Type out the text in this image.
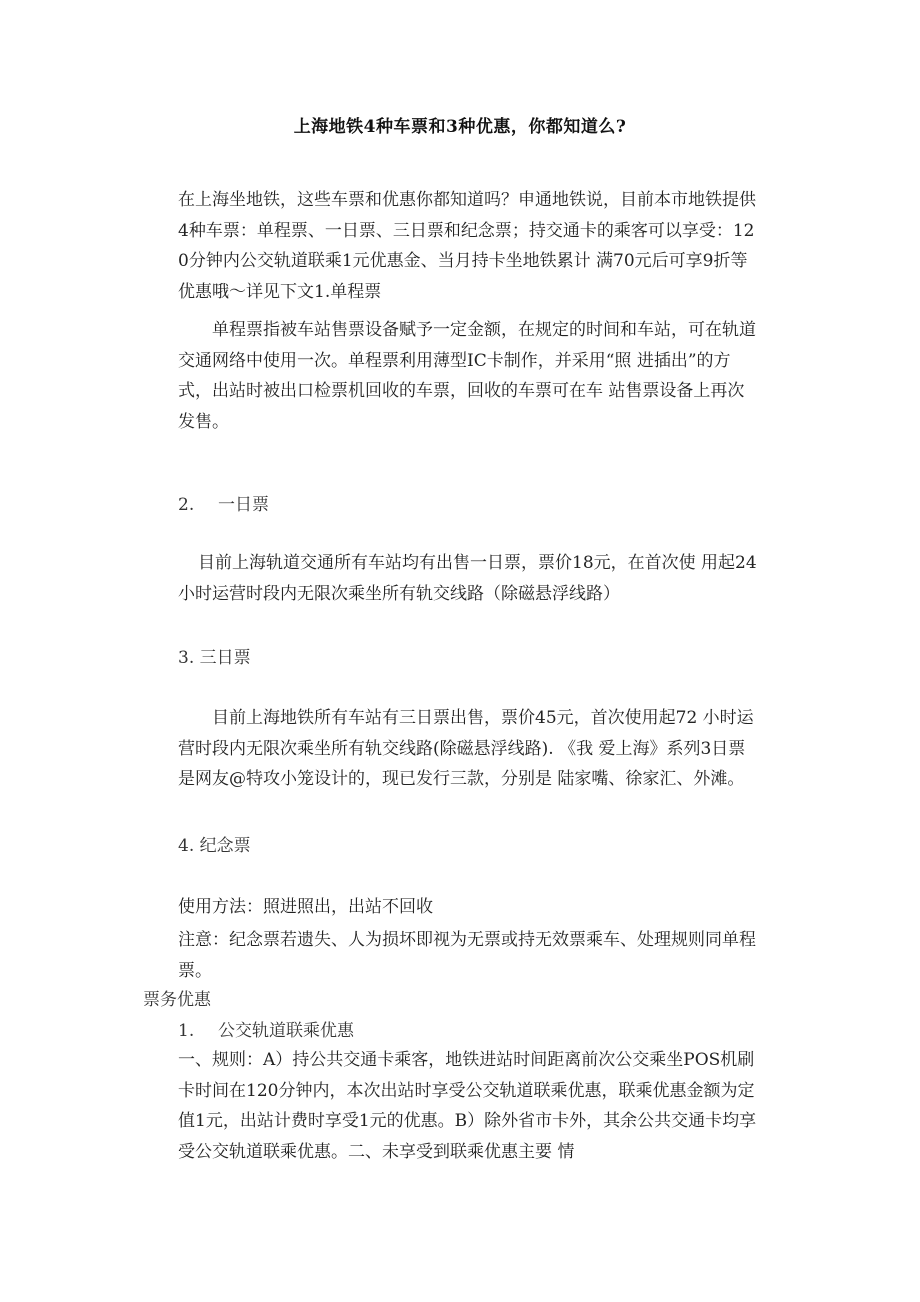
上海地铁4种车票和3种优惠，你都知道么?
在上海坐地铁，这些车票和优惠你都知道吗？申通地铁说，目前本市地铁提供4种车票：单程票、一日票、三日票和纪念票；持交通卡的乘客可以享受：120分钟内公交轨道联乘1元优惠金、当月持卡坐地铁累计 满70元后可享9折等优惠哦〜详见下文1.单程票
单程票指被车站售票设备赋予一定金额，在规定的时间和车站，可在轨道交通网络中使用一次。单程票利用薄型IC卡制作，并采用“照 进插出”的方式，出站时被出口检票机回收的车票，回收的车票可在车 站售票设备上再次发售。
2. 一日票
目前上海轨道交通所有车站均有出售一日票，票价18元，在首次使 用起24小时运营时段内无限次乘坐所有轨交线路（除磁悬浮线路）
3. 三日票
目前上海地铁所有车站有三日票出售，票价45元，首次使用起72 小时运营时段内无限次乘坐所有轨交线路(除磁悬浮线路). 《我 爱上海》系列3日票是网友@特攻小笼设计的，现已发行三款，分别是 陆家嘴、徐家汇、外滩。
4. 纪念票
使用方法：照进照出，出站不回收
注意：纪念票若遗失、人为损坏即视为无票或持无效票乘车、处理规则同单程票。
票务优惠
1. 公交轨道联乘优惠
一、规则：A）持公共交通卡乘客，地铁进站时间距离前次公交乘坐POS机刷卡时间在120分钟内，本次出站时享受公交轨道联乘优惠，联乘优惠金额为定值1元，出站计费时享受1元的优惠。B）除外省市卡外，其余公共交通卡均享受公交轨道联乘优惠。二、未享受到联乘优惠主要 情
